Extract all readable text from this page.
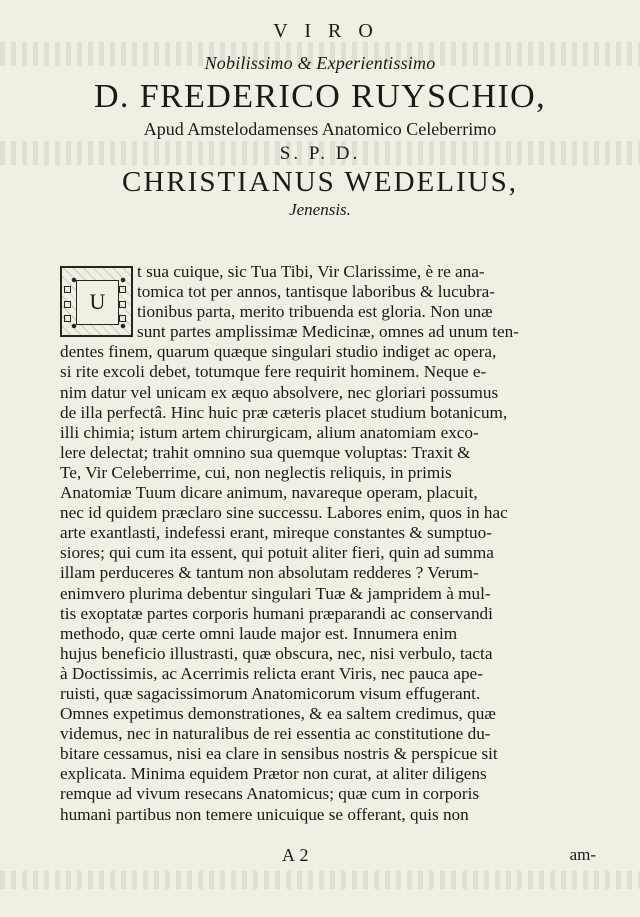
V I R O
Nobilissimo & Experientissimo
D. FREDERICO RUYSCHIO,
Apud Amstelodamenses Anatomico Celeberrimo
S. P. D.
CHRISTIANUS WEDELIUS,
Jenensis.
U
t sua cuique, sic Tua Tibi, Vir Clarissime, è re ana-
tomica tot per annos, tantisque laboribus & lucubra-
tionibus parta, merito tribuenda est gloria. Non unæ
sunt partes amplissimæ Medicinæ, omnes ad unum ten-
dentes finem, quarum quæque singulari studio indiget ac opera,
si rite excoli debet, totumque fere requirit hominem. Neque e-
nim datur vel unicam ex æquo absolvere, nec gloriari possumus
de illa perfectâ. Hinc huic præ cæteris placet studium botanicum,
illi chimia; istum artem chirurgicam, alium anatomiam exco-
lere delectat; trahit omnino sua quemque voluptas: Traxit &
Te, Vir Celeberrime, cui, non neglectis reliquis, in primis
Anatomiæ Tuum dicare animum, navareque operam, placuit,
nec id quidem præclaro sine successu. Labores enim, quos in hac
arte exantlasti, indefessi erant, mireque constantes & sumptuo-
siores; qui cum ita essent, qui potuit aliter fieri, quin ad summa
illam perduceres & tantum non absolutam redderes ? Verum-
enimvero plurima debentur singulari Tuæ & jampridem à mul-
tis exoptatæ partes corporis humani præparandi ac conservandi
methodo, quæ certe omni laude major est. Innumera enim
hujus beneficio illustrasti, quæ obscura, nec, nisi verbulo, tacta
à Doctissimis, ac Acerrimis relicta erant Viris, nec pauca ape-
ruisti, quæ sagacissimorum Anatomicorum visum effugerant.
Omnes expetimus demonstrationes, & ea saltem credimus, quæ
videmus, nec in naturalibus de rei essentia ac constitutione du-
bitare cessamus, nisi ea clare in sensibus nostris & perspicue sit
explicata. Minima equidem Prætor non curat, at aliter diligens
remque ad vivum resecans Anatomicus; quæ cum in corporis
humani partibus non temere unicuique se offerant, quis non
A 2	am-
